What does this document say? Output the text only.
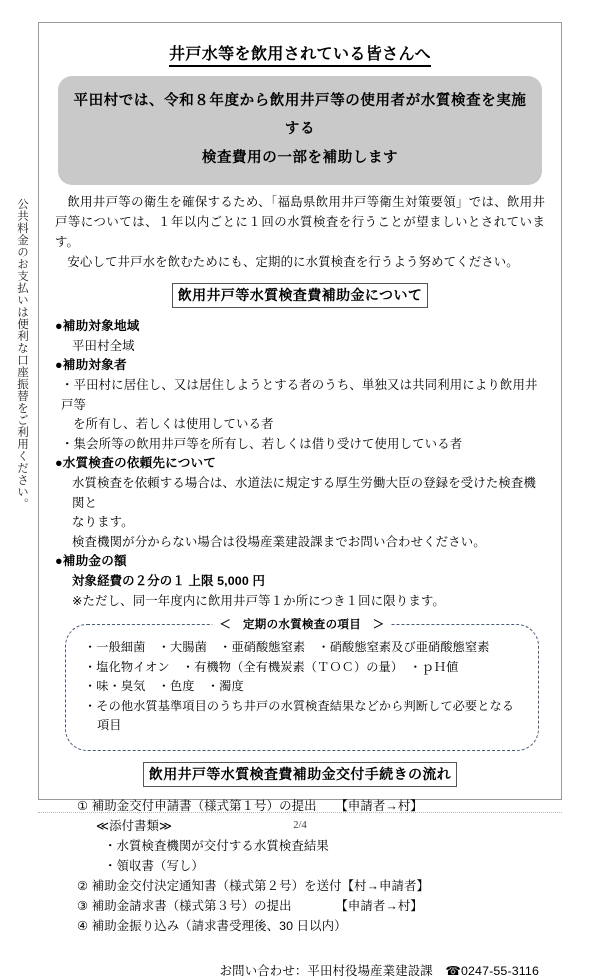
公共料金のお支払いは便利な口座振替をご利用ください。
井戸水等を飲用されている皆さんへ
平田村では、令和８年度から飲用井戸等の使用者が水質検査を実施する
検査費用の一部を補助します

飲用井戸等の衛生を確保するため、「福島県飲用井戸等衛生対策要領」では、飲用井戸等については、１年以内ごとに１回の水質検査を行うことが望ましいとされています。

安心して井戸水を飲むためにも、定期的に水質検査を行うよう努めてください。

飲用井戸等水質検査費補助金について

●補助対象地域

平田村全域

●補助対象者

・平田村に居住し、又は居住しようとする者のうち、単独又は共同利用により飲用井戸等

を所有し、若しくは使用している者

・集会所等の飲用井戸等を所有し、若しくは借り受けて使用している者

●水質検査の依頼先について

水質検査を依頼する場合は、水道法に規定する厚生労働大臣の登録を受けた検査機関と

なります。

検査機関が分からない場合は役場産業建設課までお問い合わせください。

●補助金の額

対象経費の２分の１ 上限 5,000 円

※ただし、同一年度内に飲用井戸等１か所につき１回に限ります。

＜　定期の水質検査の項目　＞

・一般細菌　・大腸菌　・亜硝酸態窒素　・硝酸態窒素及び亜硝酸態窒素

・塩化物イオン　・有機物（全有機炭素（ＴＯＣ）の量）　・ｐＨ値

・味・臭気　・色度　・濁度

・その他水質基準項目のうち井戸の水質検査結果などから判断して必要となる

項目

飲用井戸等水質検査費補助金交付手続きの流れ

① 補助金交付申請書（様式第１号）の提出　　【申請者→村】

≪添付書類≫

・水質検査機関が交付する水質検査結果

・領収書（写し）

② 補助金交付決定通知書（様式第２号）を送付【村→申請者】

③ 補助金請求書（様式第３号）の提出　　　　【申請者→村】

④ 補助金振り込み（請求書受理後、30 日以内）

お問い合わせ：平田村役場産業建設課　☎0247-55-3116
2/4
